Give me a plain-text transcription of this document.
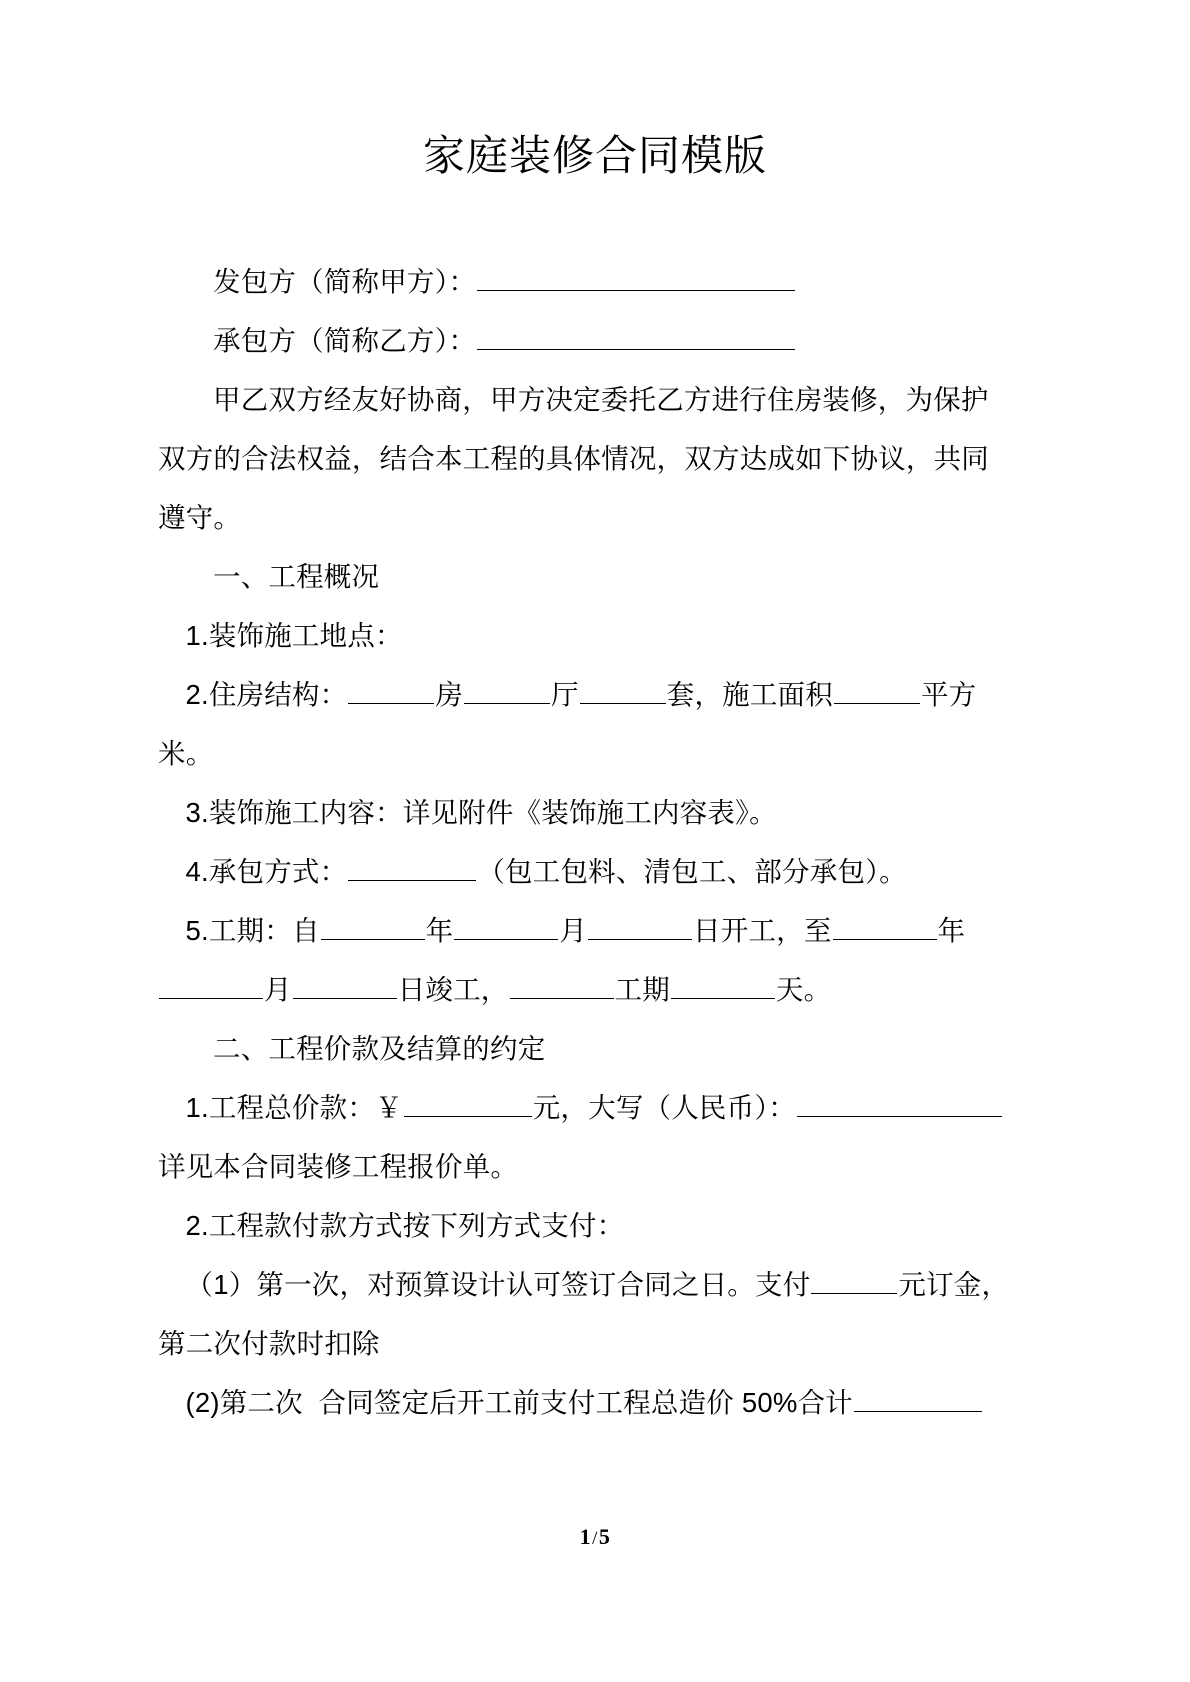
家庭装修合同模版
发包方（简称甲方）：
承包方（简称乙方）：
甲乙双方经友好协商，甲方决定委托乙方进行住房装修，为保护双方的合法权益，结合本工程的具体情况，双方达成如下协议，共同遵守。
一、工程概况
1.装饰施工地点：
2.住房结构：	房	厅	套，施工面积	平方米。
3.装饰施工内容：详见附件《装饰施工内容表》。
4.承包方式：	（包工包料、清包工、部分承包）。
5.工期：自	年	月	日开工，至	年月	日竣工，	工期	天。
二、工程价款及结算的约定
1.工程总价款：￥	元，大写（人民币）：详见本合同装修工程报价单。
2.工程款付款方式按下列方式支付：
（1）第一次，对预算设计认可签订合同之日。支付	元订金，第二次付款时扣除
(2)第二次  合同签定后开工前支付工程总造价 50%合计
1/5
